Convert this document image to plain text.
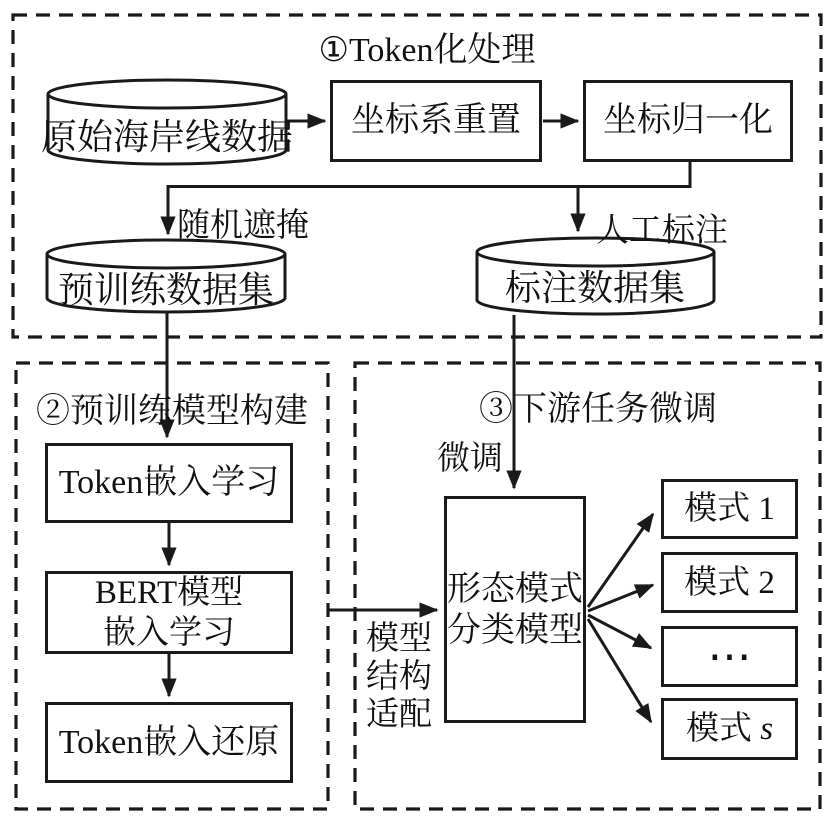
①Token化处理
②预训练模型构建	③下游任务微调
原始海岸线数据
预训练数据集	标注数据集
坐标系重置 坐标归一化
Token嵌入学习
BERT模型
嵌入学习
Token嵌入还原
形态模式
分类模型
模式 1
模式 2
⋯
模式 s
随机遮掩	人工标注
微调
模型
结构
适配
